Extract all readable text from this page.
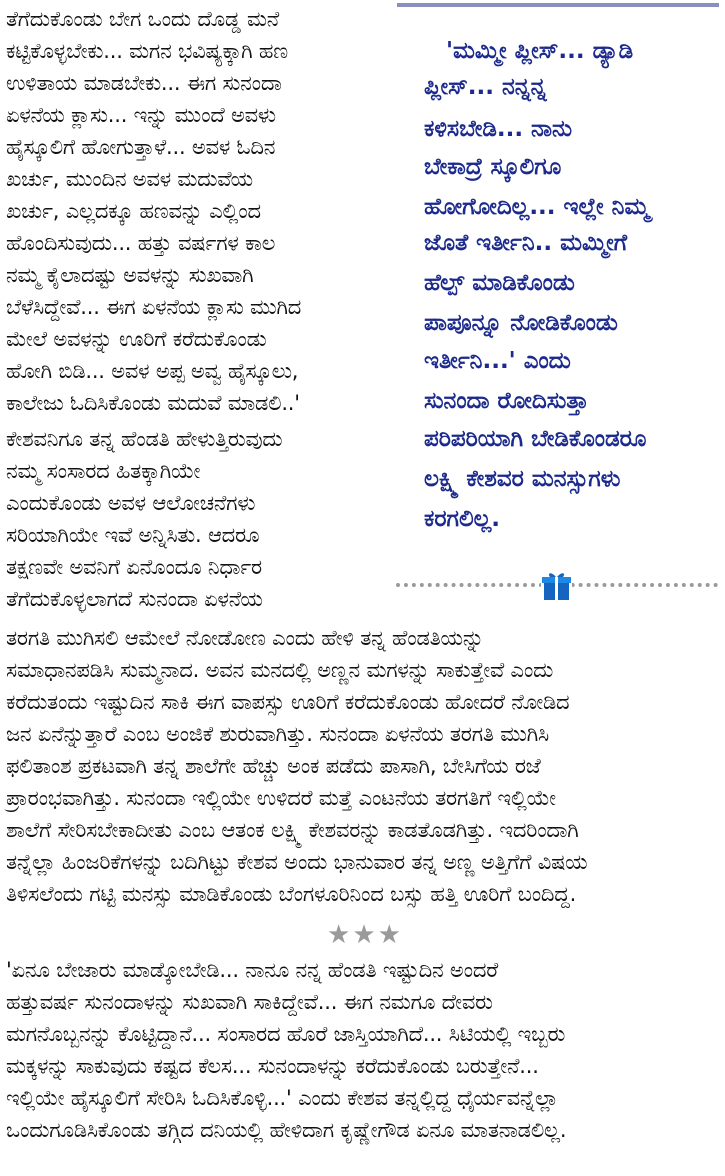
ತೆಗೆದುಕೊಂಡು ಬೇಗ ಒಂದು ದೊಡ್ಡ ಮನೆ
ಕಟ್ಟಿಕೊಳ್ಳಬೇಕು... ಮಗನ ಭವಿಷ್ಯಕ್ಕಾಗಿ ಹಣ
ಉಳಿತಾಯ ಮಾಡಬೇಕು... ಈಗ ಸುನಂದಾ
ಏಳನೆಯ ಕ್ಲಾಸು... ಇನ್ನು ಮುಂದೆ ಅವಳು
ಹೈಸ್ಕೂಲಿಗೆ ಹೋಗುತ್ತಾಳೆ... ಅವಳ ಓದಿನ
ಖರ್ಚು, ಮುಂದಿನ ಅವಳ ಮದುವೆಯ
ಖರ್ಚು, ಎಲ್ಲದಕ್ಕೂ ಹಣವನ್ನು ಎಲ್ಲಿಂದ
ಹೊಂದಿಸುವುದು... ಹತ್ತು ವರ್ಷಗಳ ಕಾಲ
ನಮ್ಮ ಕೈಲಾದಷ್ಟು ಅವಳನ್ನು ಸುಖವಾಗಿ
ಬೆಳೆಸಿದ್ದೇವೆ... ಈಗ ಏಳನೆಯ ಕ್ಲಾಸು ಮುಗಿದ
ಮೇಲೆ ಅವಳನ್ನು ಊರಿಗೆ ಕರೆದುಕೊಂಡು
ಹೋಗಿ ಬಿಡಿ... ಅವಳ ಅಪ್ಪ ಅವ್ವ ಹೈಸ್ಕೂಲು,
ಕಾಲೇಜು ಓದಿಸಿಕೊಂಡು ಮದುವೆ ಮಾಡಲಿ..'
ಕೇಶವನಿಗೂ ತನ್ನ ಹೆಂಡತಿ ಹೇಳುತ್ತಿರುವುದು
ನಮ್ಮ ಸಂಸಾರದ ಹಿತಕ್ಕಾಗಿಯೇ
ಎಂದುಕೊಂಡು ಅವಳ ಆಲೋಚನೆಗಳು
ಸರಿಯಾಗಿಯೇ ಇವೆ ಅನ್ನಿಸಿತು. ಆದರೂ
ತಕ್ಷಣವೇ ಅವನಿಗೆ ಏನೊಂದೂ ನಿರ್ಧಾರ
ತೆಗೆದುಕೊಳ್ಳಲಾಗದೆ ಸುನಂದಾ ಏಳನೆಯ
'ಮಮ್ಮೀ ಪ್ಲೀಸ್... ಡ್ಯಾಡಿ
ಪ್ಲೀಸ್... ನನ್ನನ್ನ
ಕಳಿಸಬೇಡಿ... ನಾನು
ಬೇಕಾದ್ರೆ ಸ್ಕೂಲಿಗೂ
ಹೋಗೋದಿಲ್ಲ... ಇಲ್ಲೇ ನಿಮ್ಮ
ಜೊತೆ ಇರ್ತೀನಿ.. ಮಮ್ಮೀಗೆ
ಹೆಲ್ಪ್ ಮಾಡಿಕೊಂಡು
ಪಾಪೂನ್ನೂ ನೋಡಿಕೊಂಡು
ಇರ್ತೀನಿ...' ಎಂದು
ಸುನಂದಾ ರೋದಿಸುತ್ತಾ
ಪರಿಪರಿಯಾಗಿ ಬೇಡಿಕೊಂಡರೂ
ಲಕ್ಷ್ಮಿ ಕೇಶವರ ಮನಸ್ಸುಗಳು
ಕರಗಲಿಲ್ಲ.
ತರಗತಿ ಮುಗಿಸಲಿ ಆಮೇಲೆ ನೋಡೋಣ ಎಂದು ಹೇಳಿ ತನ್ನ ಹೆಂಡತಿಯನ್ನು
ಸಮಾಧಾನಪಡಿಸಿ ಸುಮ್ಮನಾದ. ಅವನ ಮನದಲ್ಲಿ ಅಣ್ಣನ ಮಗಳನ್ನು ಸಾಕುತ್ತೇವೆ ಎಂದು
ಕರೆದುತಂದು ಇಷ್ಟುದಿನ ಸಾಕಿ ಈಗ ವಾಪಸ್ಸು ಊರಿಗೆ ಕರೆದುಕೊಂಡು ಹೋದರೆ ನೋಡಿದ
ಜನ ಏನೆನ್ನುತ್ತಾರೆ ಎಂಬ ಅಂಜಿಕೆ ಶುರುವಾಗಿತ್ತು. ಸುನಂದಾ ಏಳನೆಯ ತರಗತಿ ಮುಗಿಸಿ
ಫಲಿತಾಂಶ ಪ್ರಕಟವಾಗಿ ತನ್ನ ಶಾಲೆಗೇ ಹೆಚ್ಚು ಅಂಕ ಪಡೆದು ಪಾಸಾಗಿ, ಬೇಸಿಗೆಯ ರಜೆ
ಪ್ರಾರಂಭವಾಗಿತ್ತು. ಸುನಂದಾ ಇಲ್ಲಿಯೇ ಉಳಿದರೆ ಮತ್ತೆ ಎಂಟನೆಯ ತರಗತಿಗೆ ಇಲ್ಲಿಯೇ
ಶಾಲೆಗೆ ಸೇರಿಸಬೇಕಾದೀತು ಎಂಬ ಆತಂಕ ಲಕ್ಷ್ಮಿ ಕೇಶವರನ್ನು ಕಾಡತೊಡಗಿತ್ತು. ಇದರಿಂದಾಗಿ
ತನ್ನೆಲ್ಲಾ ಹಿಂಜರಿಕೆಗಳನ್ನು ಬದಿಗಿಟ್ಟು ಕೇಶವ ಅಂದು ಭಾನುವಾರ ತನ್ನ ಅಣ್ಣ ಅತ್ತಿಗೆಗೆ ವಿಷಯ
ತಿಳಿಸಲೆಂದು ಗಟ್ಟಿ ಮನಸ್ಸು ಮಾಡಿಕೊಂಡು ಬೆಂಗಳೂರಿನಿಂದ ಬಸ್ಸು ಹತ್ತಿ ಊರಿಗೆ ಬಂದಿದ್ದ.
★★★
'ಏನೂ ಬೇಜಾರು ಮಾಡ್ಕೋಬೇಡಿ... ನಾನೂ ನನ್ನ ಹೆಂಡತಿ ಇಷ್ಟುದಿನ ಅಂದರೆ
ಹತ್ತುವರ್ಷ ಸುನಂದಾಳನ್ನು ಸುಖವಾಗಿ ಸಾಕಿದ್ದೇವೆ... ಈಗ ನಮಗೂ ದೇವರು
ಮಗನೊಬ್ಬನನ್ನು ಕೊಟ್ಟಿದ್ದಾನೆ... ಸಂಸಾರದ ಹೊರೆ ಜಾಸ್ತಿಯಾಗಿದೆ... ಸಿಟಿಯಲ್ಲಿ ಇಬ್ಬರು
ಮಕ್ಕಳನ್ನು ಸಾಕುವುದು ಕಷ್ಟದ ಕೆಲಸ... ಸುನಂದಾಳನ್ನು ಕರೆದುಕೊಂಡು ಬರುತ್ತೇನೆ...
ಇಲ್ಲಿಯೇ ಹೈಸ್ಕೂಲಿಗೆ ಸೇರಿಸಿ ಓದಿಸಿಕೊಳ್ಳಿ...' ಎಂದು ಕೇಶವ ತನ್ನಲ್ಲಿದ್ದ ಧೈರ್ಯವನ್ನೆಲ್ಲಾ
ಒಂದುಗೂಡಿಸಿಕೊಂಡು ತಗ್ಗಿದ ದನಿಯಲ್ಲಿ ಹೇಳಿದಾಗ ಕೃಷ್ಣೇಗೌಡ ಏನೂ ಮಾತನಾಡಲಿಲ್ಲ.
